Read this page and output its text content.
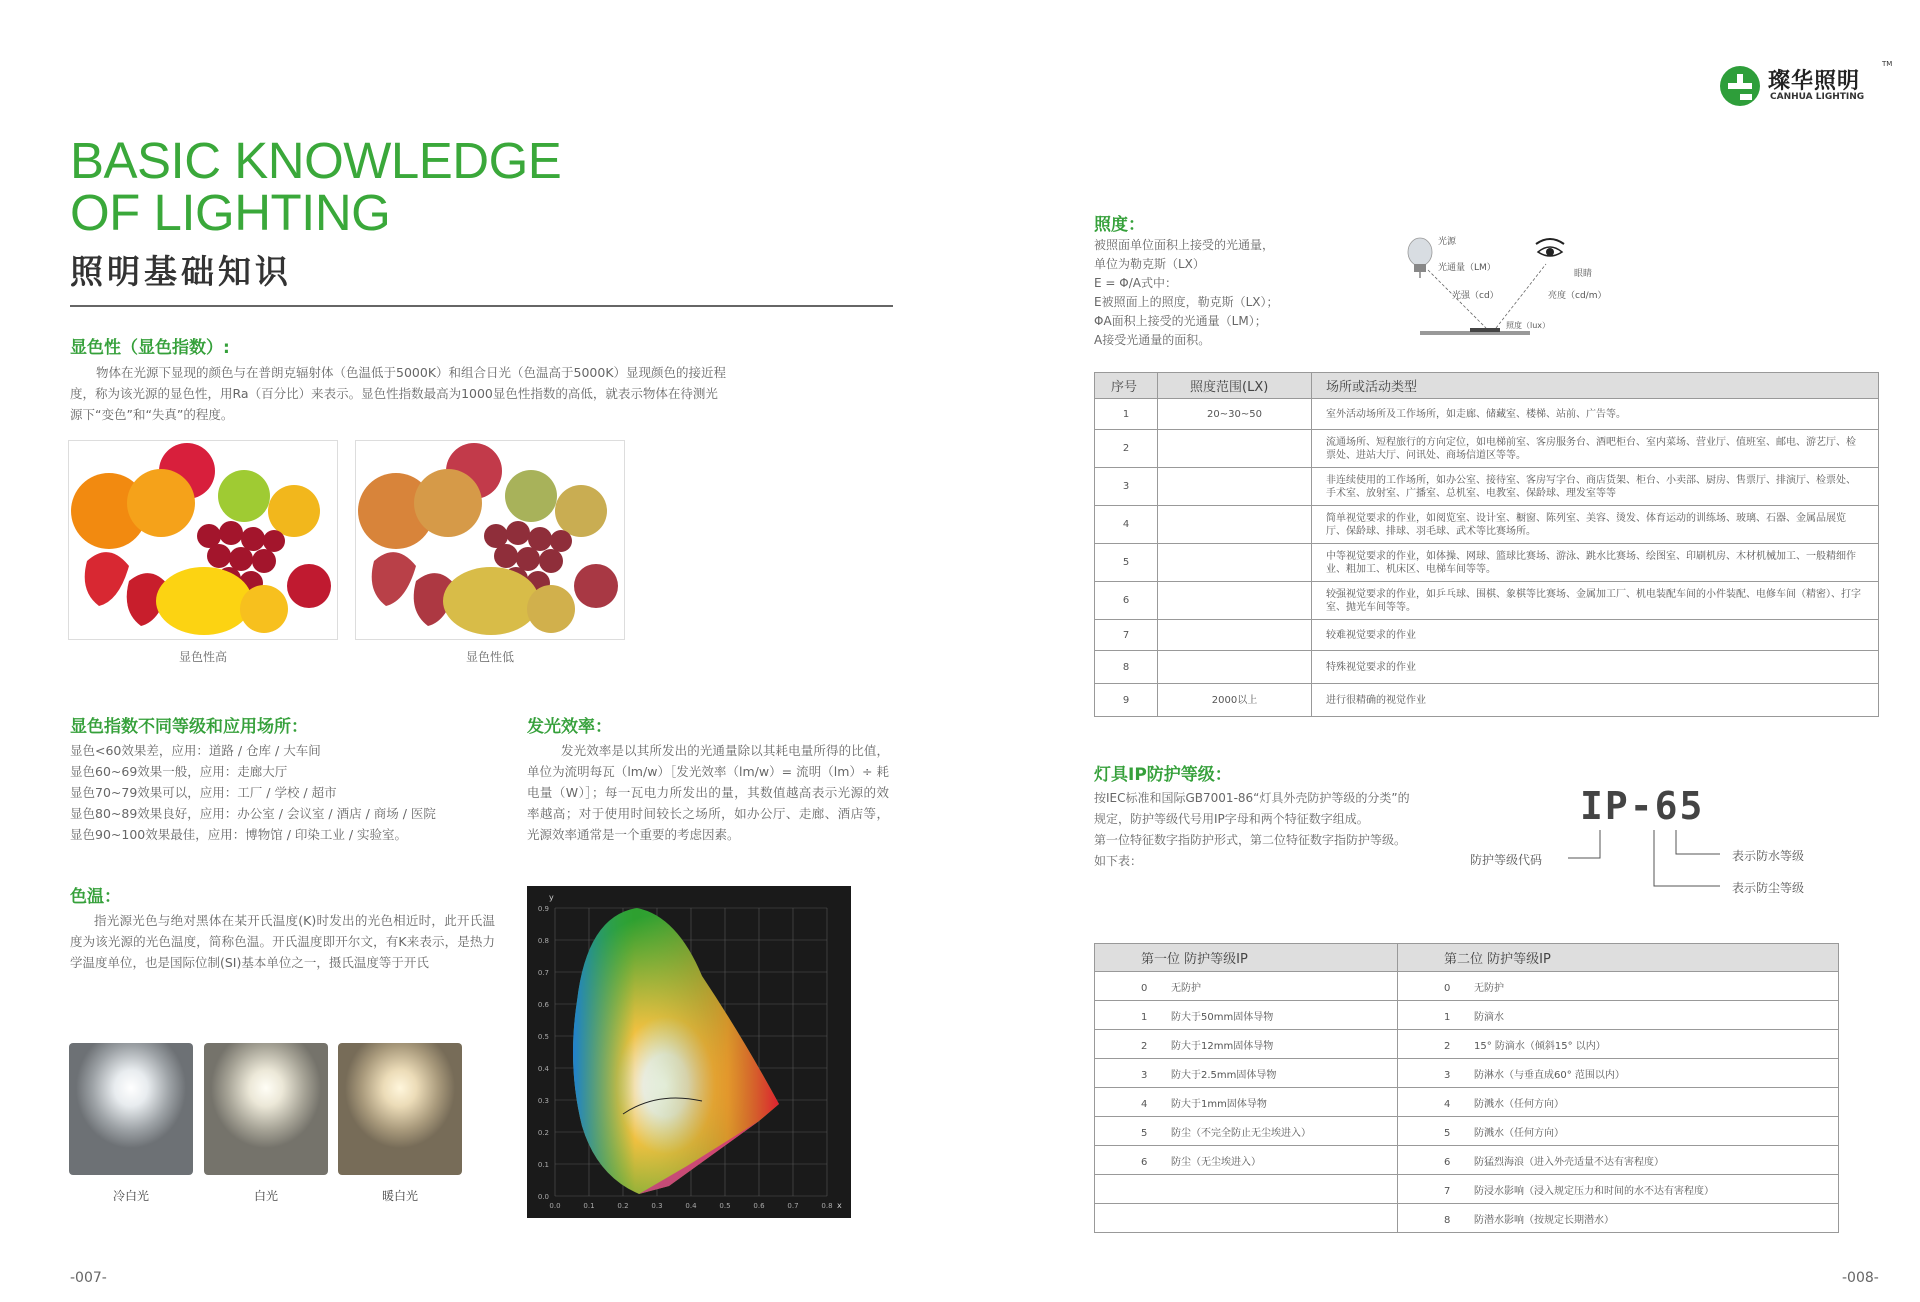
璨华照明
CANHUA LIGHTING
TM
BASIC KNOWLEDGE
OF LIGHTING
照明基础知识
显色性（显色指数）:
物体在光源下显现的颜色与在普朗克辐射体（色温低于5000K）和组合日光（色温高于5000K）显现颜色的接近程度，称为该光源的显色性，用Ra（百分比）来表示。显色性指数最高为1000显色性指数的高低，就表示物体在待测光源下“变色”和“失真”的程度。
显色性高	显色性低
显色指数不同等级和应用场所：
显色<60效果差，应用：道路 / 仓库 / 大车间
显色60~69效果一般，应用：走廊大厅
显色70~79效果可以，应用：工厂 / 学校 / 超市
显色80~89效果良好，应用：办公室 / 会议室 / 酒店 / 商场 / 医院
显色90~100效果最佳，应用：博物馆 / 印染工业 / 实验室。
发光效率：
发光效率是以其所发出的光通量除以其耗电量所得的比值，单位为流明每瓦（lm/w）［发光效率（lm/w）= 流明（lm）÷ 耗电量（W）］；每一瓦电力所发出的量，其数值越高表示光源的效率越高；对于使用时间较长之场所，如办公厅、走廊、酒店等，光源效率通常是一个重要的考虑因素。
色温：
指光源光色与绝对黑体在某开氏温度(K)时发出的光色相近时，此开氏温度为该光源的光色温度，简称色温。开氏温度即开尔文，有K来表示，是热力学温度单位，也是国际位制(SI)基本单位之一，摄氏温度等于开氏
冷白光	白光	暖白光
0.0	0.1	0.2	0.3	0.4	0.5	0.6	0.7	0.8
0.9
0.8
0.7
0.6
0.5
0.4
0.3
0.2
0.1
0.0
x
y
照度：
被照面单位面积上接受的光通量，
单位为勒克斯（LX）
E = Φ/A式中：
E被照面上的照度，勒克斯（LX）；
ΦA面积上接受的光通量（LM）；
A接受光通量的面积。
光源
光通量（LM）
光强（cd）
眼睛
亮度（cd/m）
照度（lux）
序号	照度范围(LX)	场所或活动类型
1	20~30~50	室外活动场所及工作场所，如走廊、储藏室、楼梯、站前、广告等。
2		流通场所、短程旅行的方向定位，如电梯前室、客房服务台、酒吧柜台、室内菜场、营业厅、值班室、邮电、游艺厅、检票处、进站大厅、问讯处、商场信道区等等。
3		非连续使用的工作场所，如办公室、接待室、客房写字台、商店货架、柜台、小卖部、厨房、售票厅、排演厅、检票处、手术室、放射室、广播室、总机室、电教室、保龄球、理发室等等
4		简单视觉要求的作业，如阅览室、设计室、橱窗、陈列室、美容、烫发、体育运动的训练场、玻璃、石器、金属品展览厅、保龄球、排球、羽毛球、武术等比赛场所。
5		中等视觉要求的作业，如体操、网球、篮球比赛场、游泳、跳水比赛场、绘图室、印刷机房、木材机械加工、一般精细作业、粗加工、机床区、电梯车间等等。
6		较强视觉要求的作业，如乒乓球、围棋、象棋等比赛场、金属加工厂、机电装配车间的小件装配、电修车间（精密）、打字室、抛光车间等等。
7		较难视觉要求的作业
8		特殊视觉要求的作业
9	2000以上	进行很精确的视觉作业
灯具IP防护等级：
按IEC标准和国际GB7001-86“灯具外壳防护等级的分类”的
规定，防护等级代号用IP字母和两个特征数字组成。
第一位特征数字指防护形式，第二位特征数字指防护等级。
如下表：
IP-65
防护等级代码	表示防水等级
表示防尘等级
第一位 防护等级IP	第二位 防护等级IP
0 无防护	0 无防护
1 防大于50mm固体导物	1 防滴水
2 防大于12mm固体导物	2 15° 防滴水（倾斜15° 以内）
3 防大于2.5mm固体导物	3 防淋水（与垂直成60° 范围以内）
4 防大于1mm固体导物	4 防溅水（任何方向）
5 防尘（不完全防止无尘埃进入）	5 防溅水（任何方向）
6 防尘（无尘埃进入）	6 防猛烈海浪（进入外壳适量不达有害程度）
	7 防浸水影响（浸入规定压力和时间的水不达有害程度）
	8 防潜水影响（按规定长期潜水）
-007-	-008-
